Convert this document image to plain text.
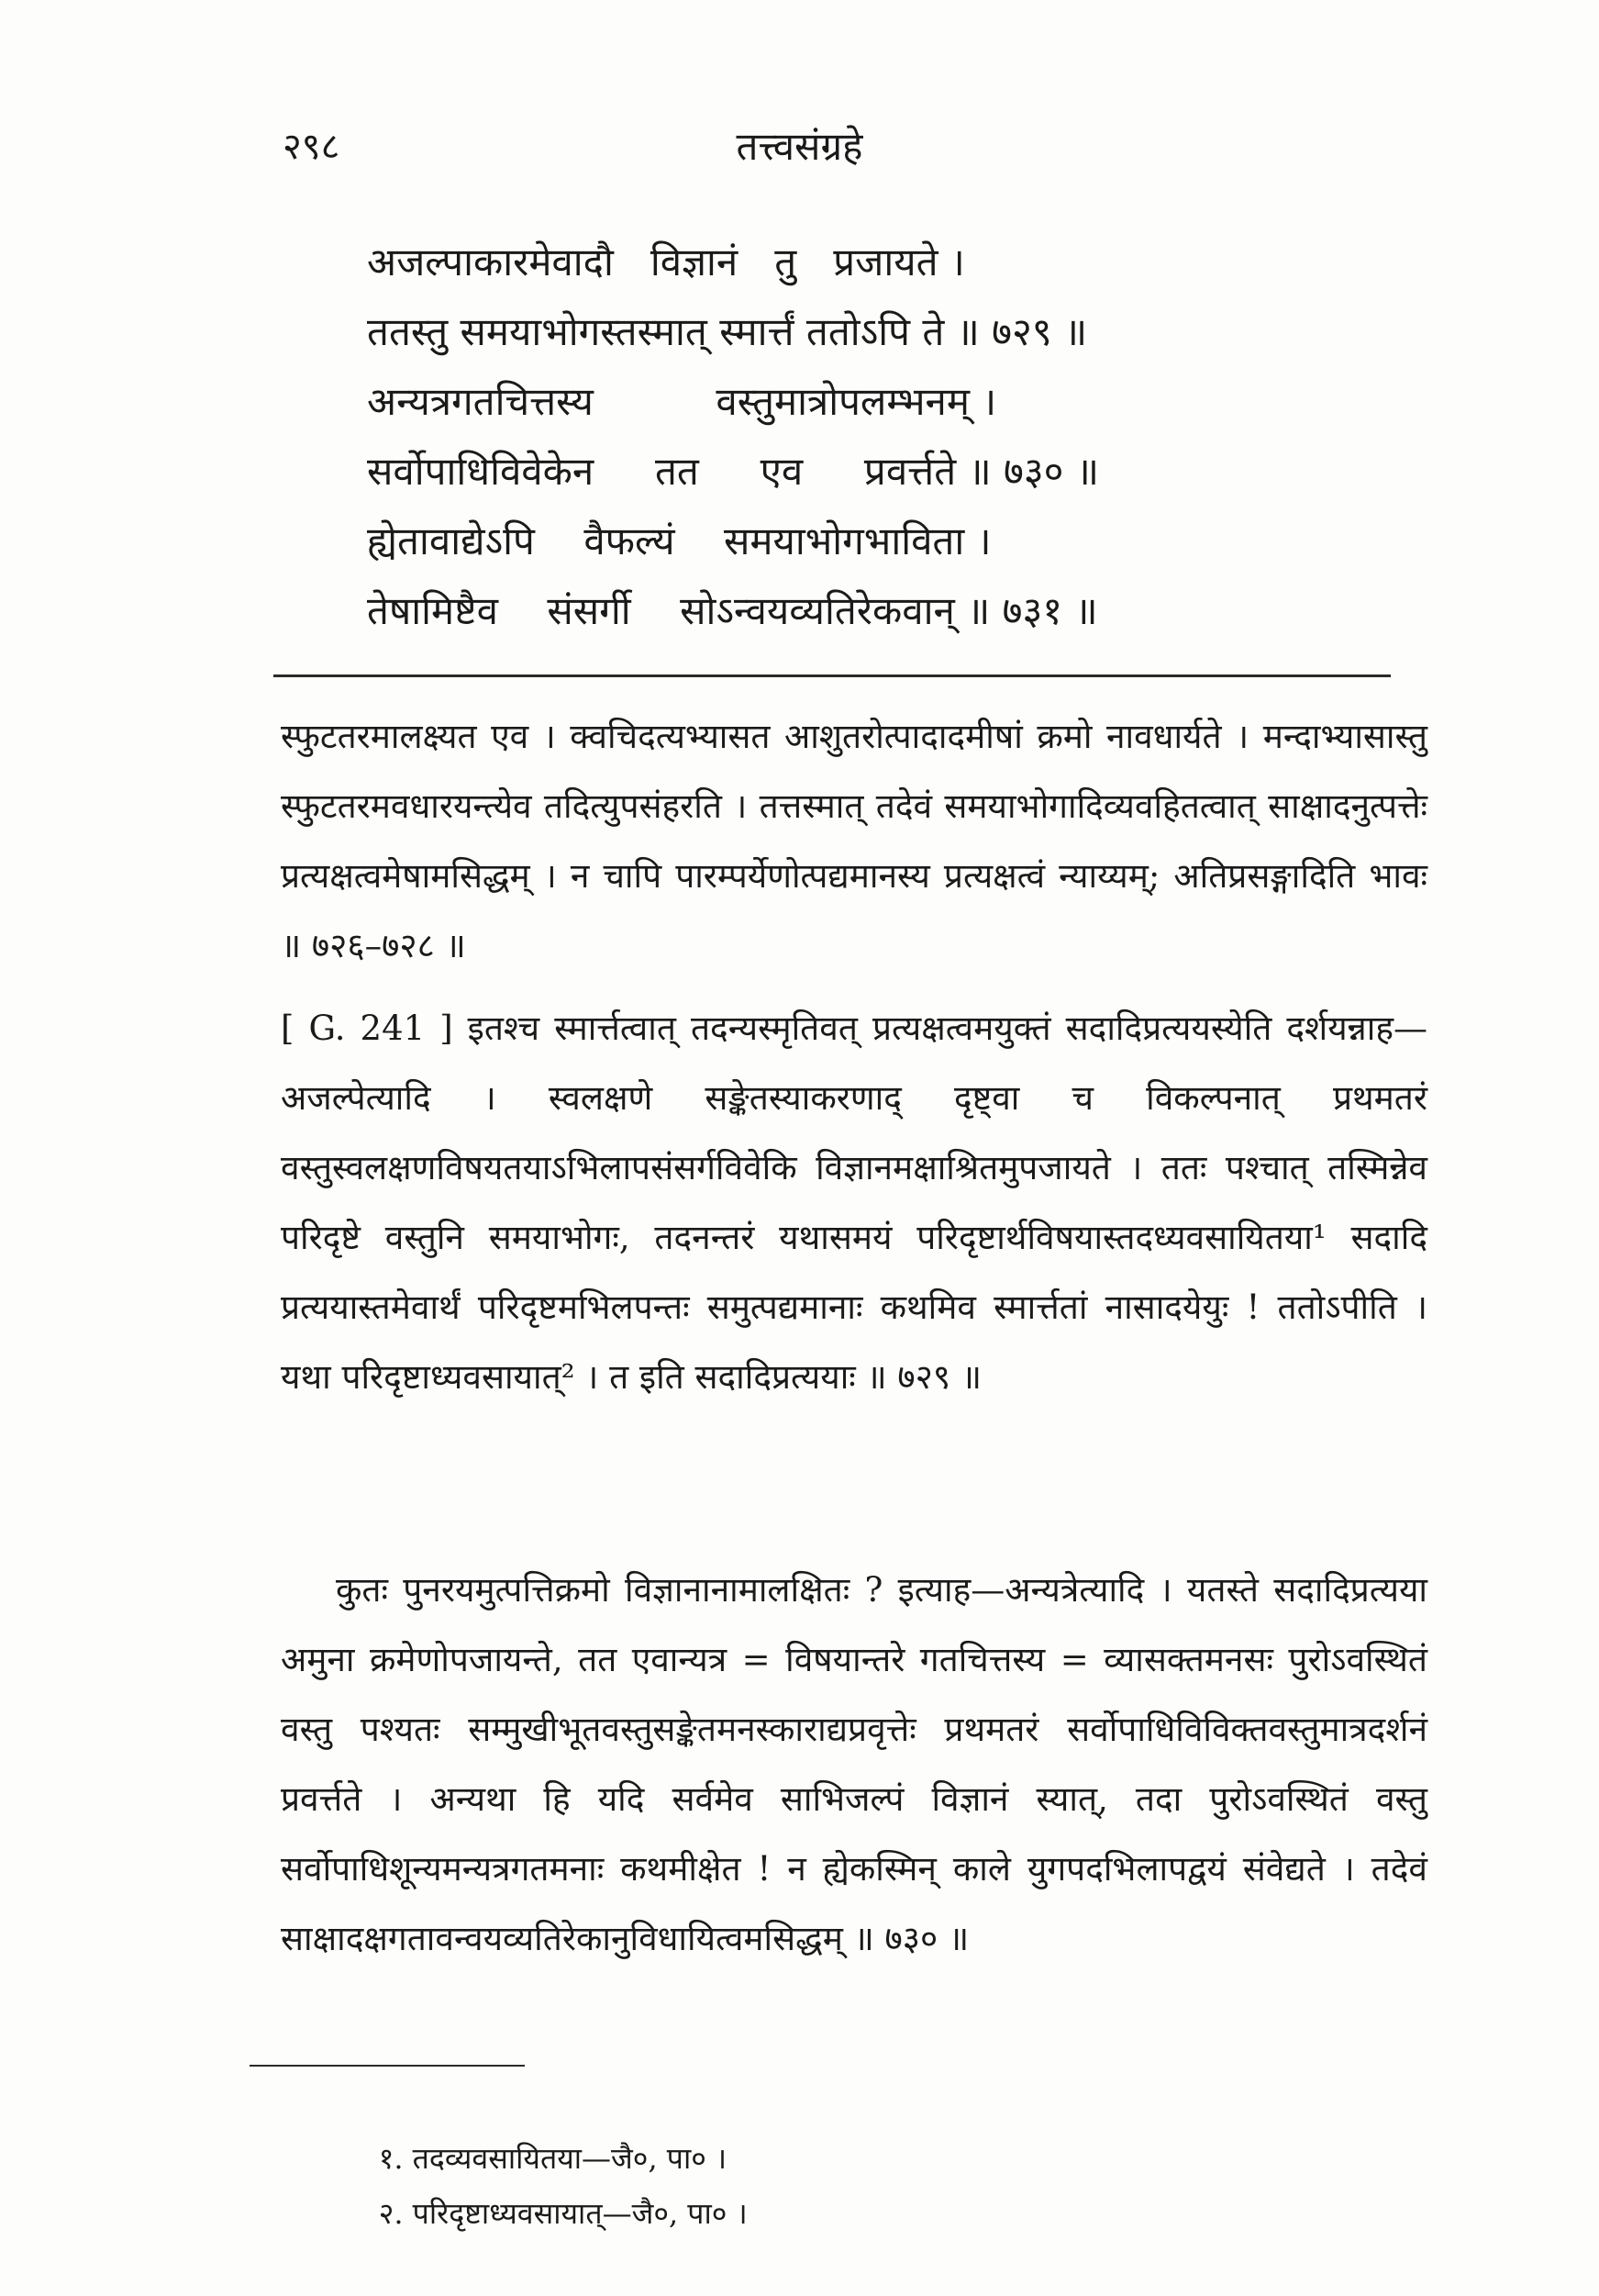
२९८	तत्त्वसंग्रहे
अजल्पाकारमेवादौ   विज्ञानं   तु   प्रजायते ।
ततस्तु समयाभोगस्तस्मात् स्मार्त्तं ततोऽपि ते ॥ ७२९ ॥
अन्यत्रगतचित्तस्य          वस्तुमात्रोपलम्भनम् ।
सर्वोपाधिविवेकेन     तत     एव     प्रवर्त्तते ॥ ७३० ॥
ह्येतावाद्येऽपि    वैफल्यं    समयाभोगभाविता ।
तेषामिष्टैव    संसर्गी    सोऽन्वयव्यतिरेकवान् ॥ ७३१ ॥

स्फुटतरमालक्ष्यत एव । क्वचिदत्यभ्यासत आशुतरोत्पादादमीषां क्रमो नावधार्यते । मन्दाभ्यासास्तु स्फुटतरमवधारयन्त्येव तदित्युपसंहरति । तत्तस्मात् तदेवं समयाभोगादिव्यवहितत्वात् साक्षादनुत्पत्तेः प्रत्यक्षत्वमेषामसिद्धम् । न चापि पारम्पर्येणोत्पद्यमानस्य प्रत्यक्षत्वं न्याय्यम्; अतिप्रसङ्गादिति भावः ॥ ७२६–७२८ ॥

[ G. 241 ] इतश्च स्मार्त्तत्वात् तदन्यस्मृतिवत् प्रत्यक्षत्वमयुक्तं सदादिप्रत्ययस्येति दर्शयन्नाह—अजल्पेत्यादि । स्वलक्षणे सङ्केतस्याकरणाद् दृष्ट्वा च विकल्पनात् प्रथमतरं वस्तुस्वलक्षणविषयतयाऽभिलापसंसर्गविवेकि विज्ञानमक्षाश्रितमुपजायते । ततः पश्चात् तस्मिन्नेव परिदृष्टे वस्तुनि समयाभोगः, तदनन्तरं यथासमयं परिदृष्टार्थविषयास्तदध्यवसायितया¹ सदादि प्रत्ययास्तमेवार्थं परिदृष्टमभिलपन्तः समुत्पद्यमानाः कथमिव स्मार्त्ततां नासादयेयुः ! ततोऽपीति । यथा परिदृष्टाध्यवसायात्² । त इति सदादिप्रत्ययाः ॥ ७२९ ॥

कुतः पुनरयमुत्पत्तिक्रमो विज्ञानानामालक्षितः ? इत्याह—अन्यत्रेत्यादि । यतस्ते सदादिप्रत्यया अमुना क्रमेणोपजायन्ते, तत एवान्यत्र = विषयान्तरे गतचित्तस्य = व्यासक्तमनसः पुरोऽवस्थितं वस्तु पश्यतः सम्मुखीभूतवस्तुसङ्केतमनस्काराद्यप्रवृत्तेः प्रथमतरं सर्वोपाधिविविक्तवस्तुमात्रदर्शनं प्रवर्त्तते । अन्यथा हि यदि सर्वमेव साभिजल्पं विज्ञानं स्यात्, तदा पुरोऽवस्थितं वस्तु सर्वोपाधिशून्यमन्यत्रगतमनाः कथमीक्षेत ! न ह्येकस्मिन् काले युगपदभिलापद्वयं संवेद्यते । तदेवं साक्षादक्षगतावन्वयव्यतिरेकानुविधायित्वमसिद्धम् ॥ ७३० ॥

१. तदव्यवसायितया—जै०, पा० ।
२. परिदृष्टाध्यवसायात्—जै०, पा० ।
